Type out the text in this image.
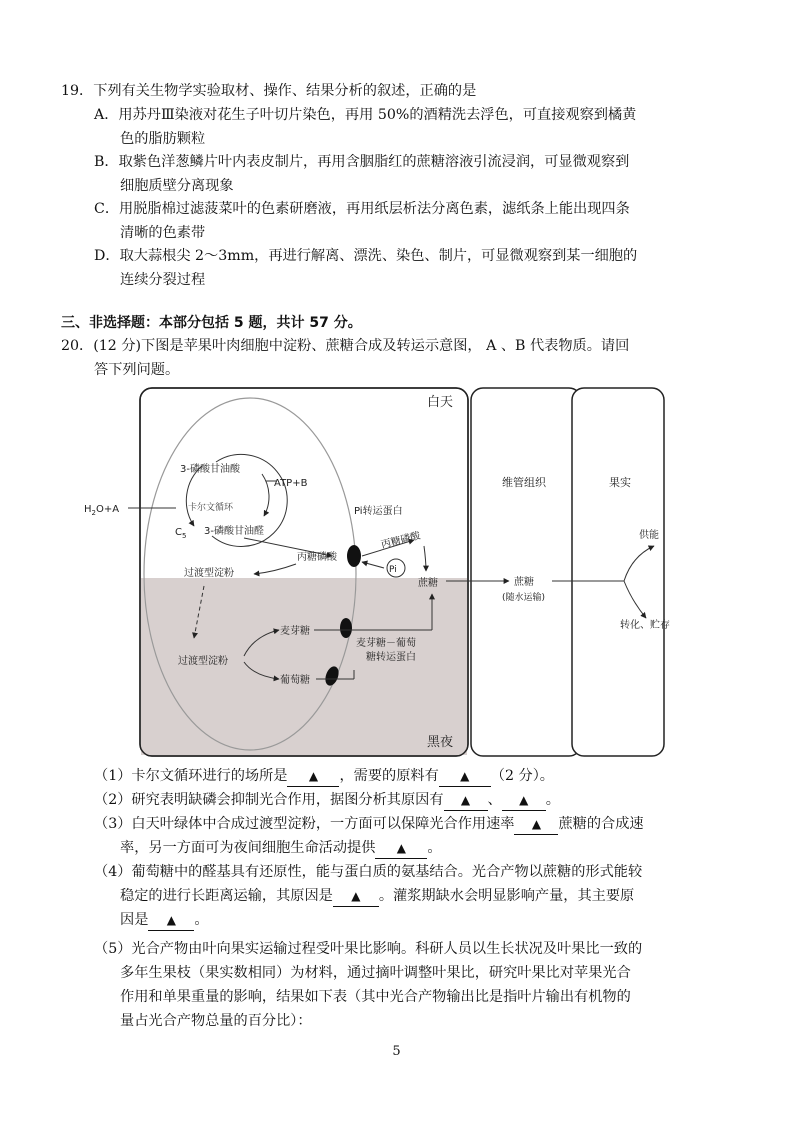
19．下列有关生物学实验取材、操作、结果分析的叙述，正确的是
A．用苏丹Ⅲ染液对花生子叶切片染色，再用 50%的酒精洗去浮色，可直接观察到橘黄
色的脂肪颗粒
B．取紫色洋葱鳞片叶内表皮制片，再用含胭脂红的蔗糖溶液引流浸润，可显微观察到
细胞质壁分离现象
C．用脱脂棉过滤菠菜叶的色素研磨液，再用纸层析法分离色素，滤纸条上能出现四条
清晰的色素带
D．取大蒜根尖 2～3mm，再进行解离、漂洗、染色、制片，可显微观察到某一细胞的
连续分裂过程
三、非选择题：本部分包括 5 题，共计 57 分。
20．(12 分)下图是苹果叶肉细胞中淀粉、蔗糖合成及转运示意图， A 、B 代表物质。请回
答下列问题。
白天
黑夜
维管组织	果实
3-磷酸甘油酸
ATP+B
卡尔文循环
$C_5$
$H_2O+A$
3-磷酸甘油醛
Pi转运蛋白
丙糖磷酸
丙糖磷酸
Pi
过渡型淀粉
蔗糖	蔗糖
(随水运输)
供能
转化、贮存
麦芽糖
过渡型淀粉
葡萄糖
麦芽糖－葡萄
糖转运蛋白
（1）卡尔文循环进行的场所是 ▲ ，需要的原料有 ▲ （2 分）。
（2）研究表明缺磷会抑制光合作用，据图分析其原因有 ▲ 、 ▲ 。
（3）白天叶绿体中合成过渡型淀粉，一方面可以保障光合作用速率 ▲ 蔗糖的合成速
率，另一方面可为夜间细胞生命活动提供 ▲ 。
（4）葡萄糖中的醛基具有还原性，能与蛋白质的氨基结合。光合产物以蔗糖的形式能较
稳定的进行长距离运输，其原因是 ▲ 。灌浆期缺水会明显影响产量，其主要原
因是 ▲ 。
（5）光合产物由叶向果实运输过程受叶果比影响。科研人员以生长状况及叶果比一致的
多年生果枝（果实数相同）为材料，通过摘叶调整叶果比，研究叶果比对苹果光合
作用和单果重量的影响，结果如下表（其中光合产物输出比是指叶片输出有机物的
量占光合产物总量的百分比）：
5
